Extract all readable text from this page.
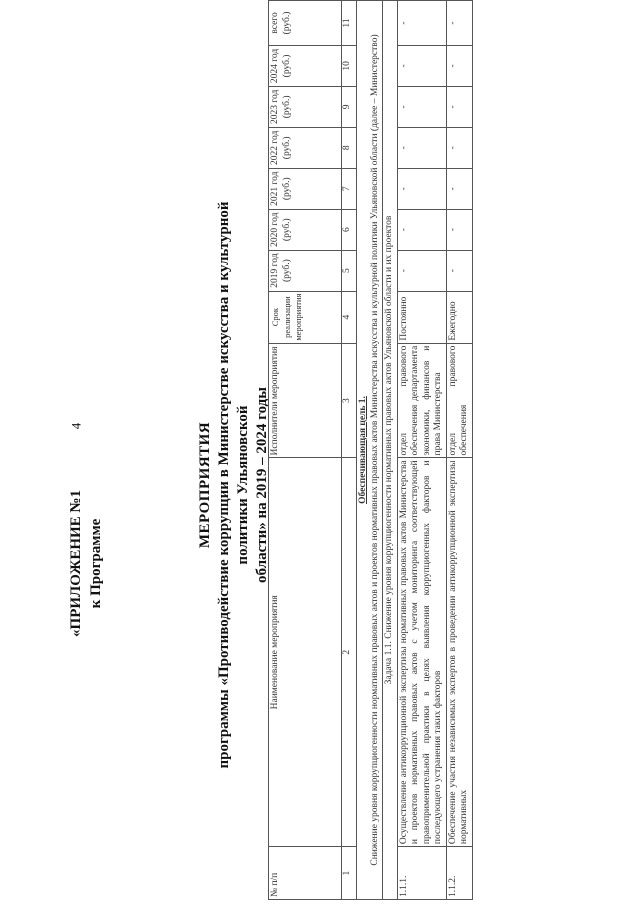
4
«ПРИЛОЖЕНИЕ №1 к Программе
МЕРОПРИЯТИЯ программы «Противодействие коррупции в Министерстве искусства и культурной политики Ульяновской области» на 2019 – 2024 годы
№ п/п	Наименование мероприятия	Исполнители мероприятия	Срок реализации мероприятия	2019 год (руб.)	2020 год (руб.)	2021 год (руб.)	2022 год (руб.)	2023 год (руб.)	2024 год (руб.)	всего (руб.)
1	2	3	4	5	6	7	8	9	10	11

Обеспечивающая цель 1. Снижение уровня коррупциогенности нормативных правовых актов и проектов нормативных правовых актов Министерства искусства и культурной политики Ульяновской области (далее – Министерство)										

Задача 1.1. Снижение уровня коррупциогенности нормативных правовых актов Ульяновской области и их проектов										
1.1.1.	Осуществление антикоррупционной экспертизы нормативных правовых актов Министерства и проектов нормативных правовых актов с учетом мониторинга соответствующей правоприменительной практики в целях выявления коррупциогенных факторов и последующего устранения таких факторов	отдел правового обеспечения департамента экономики, финансов и права Министерства	Постоянно	-	-	-	-	-	-	-
1.1.2.	Обеспечение участия независимых экспертов в проведении антикоррупционной экспертизы нормативных	отдел правового обеспечения	Ежегодно	-	-	-	-	-	-	-
